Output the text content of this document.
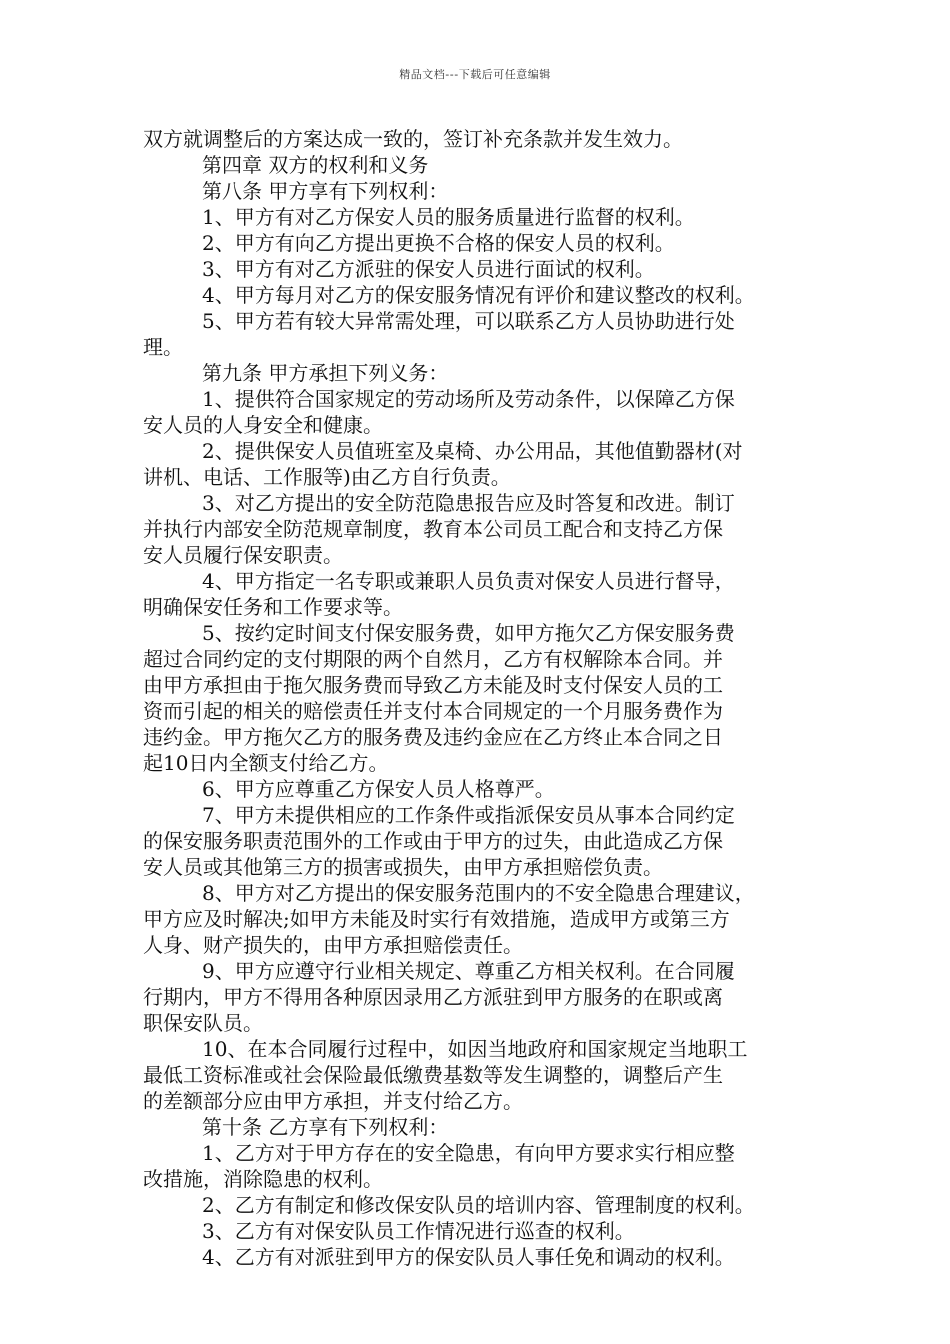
精品文档---下载后可任意编辑
双方就调整后的方案达成一致的，签订补充条款并发生效力。
第四章 双方的权利和义务
第八条 甲方享有下列权利：
1、甲方有对乙方保安人员的服务质量进行监督的权利。
2、甲方有向乙方提出更换不合格的保安人员的权利。
3、甲方有对乙方派驻的保安人员进行面试的权利。
4、甲方每月对乙方的保安服务情况有评价和建议整改的权利。
5、甲方若有较大异常需处理，可以联系乙方人员协助进行处
理。
第九条 甲方承担下列义务：
1、提供符合国家规定的劳动场所及劳动条件，以保障乙方保
安人员的人身安全和健康。
2、提供保安人员值班室及桌椅、办公用品，其他值勤器材(对
讲机、电话、工作服等)由乙方自行负责。
3、对乙方提出的安全防范隐患报告应及时答复和改进。制订
并执行内部安全防范规章制度，教育本公司员工配合和支持乙方保
安人员履行保安职责。
4、甲方指定一名专职或兼职人员负责对保安人员进行督导，
明确保安任务和工作要求等。
5、按约定时间支付保安服务费，如甲方拖欠乙方保安服务费
超过合同约定的支付期限的两个自然月，乙方有权解除本合同。并
由甲方承担由于拖欠服务费而导致乙方未能及时支付保安人员的工
资而引起的相关的赔偿责任并支付本合同规定的一个月服务费作为
违约金。甲方拖欠乙方的服务费及违约金应在乙方终止本合同之日
起10日内全额支付给乙方。
6、甲方应尊重乙方保安人员人格尊严。
7、甲方未提供相应的工作条件或指派保安员从事本合同约定
的保安服务职责范围外的工作或由于甲方的过失，由此造成乙方保
安人员或其他第三方的损害或损失，由甲方承担赔偿负责。
8、甲方对乙方提出的保安服务范围内的不安全隐患合理建议，
甲方应及时解决;如甲方未能及时实行有效措施，造成甲方或第三方
人身、财产损失的，由甲方承担赔偿责任。
9、甲方应遵守行业相关规定、尊重乙方相关权利。在合同履
行期内，甲方不得用各种原因录用乙方派驻到甲方服务的在职或离
职保安队员。
10、在本合同履行过程中，如因当地政府和国家规定当地职工
最低工资标准或社会保险最低缴费基数等发生调整的，调整后产生
的差额部分应由甲方承担，并支付给乙方。
第十条 乙方享有下列权利：
1、乙方对于甲方存在的安全隐患，有向甲方要求实行相应整
改措施，消除隐患的权利。
2、乙方有制定和修改保安队员的培训内容、管理制度的权利。
3、乙方有对保安队员工作情况进行巡查的权利。
4、乙方有对派驻到甲方的保安队员人事任免和调动的权利。
